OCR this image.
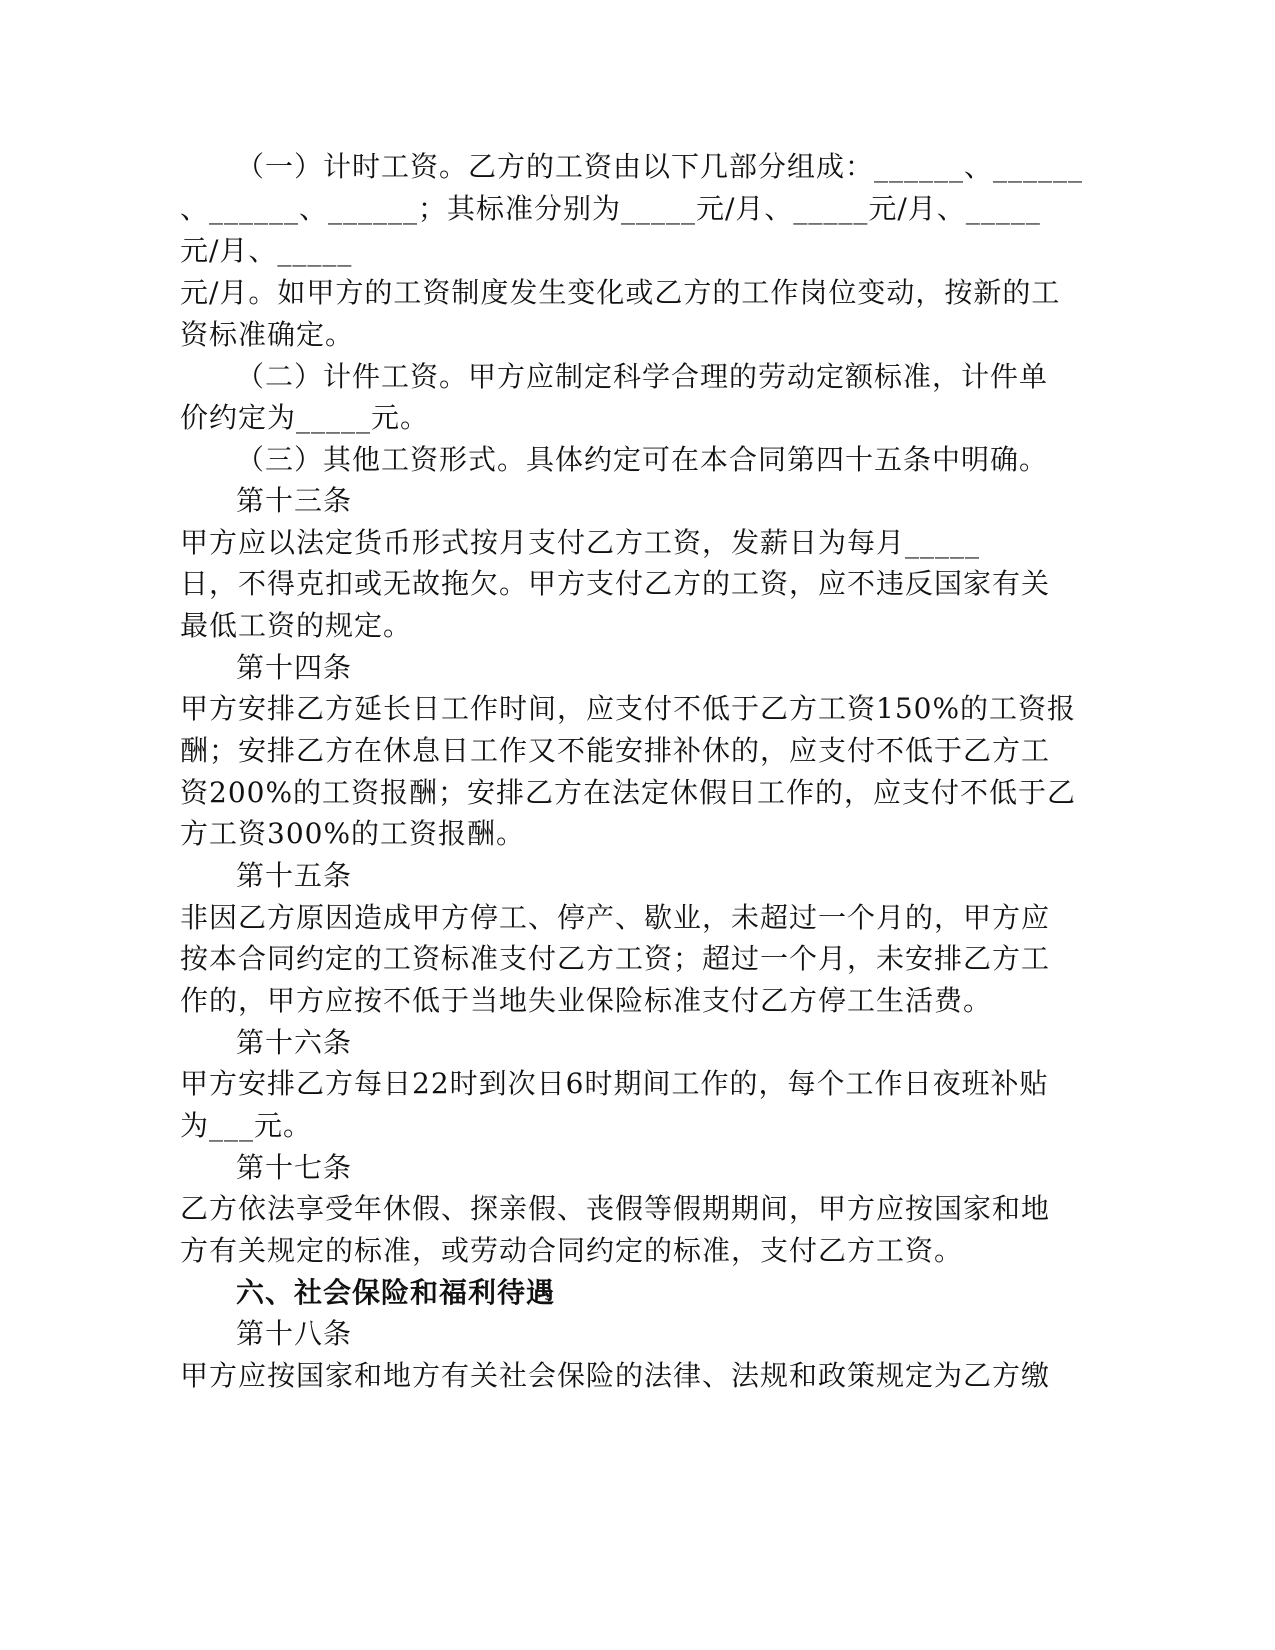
（一）计时工资。乙方的工资由以下几部分组成：______、______
、______、______；其标准分别为_____元/月、_____元/月、_____
元/月、_____
元/月。如甲方的工资制度发生变化或乙方的工作岗位变动，按新的工
资标准确定。
（二）计件工资。甲方应制定科学合理的劳动定额标准，计件单
价约定为_____元。
（三）其他工资形式。具体约定可在本合同第四十五条中明确。
第十三条
甲方应以法定货币形式按月支付乙方工资，发薪日为每月_____
日，不得克扣或无故拖欠。甲方支付乙方的工资，应不违反国家有关
最低工资的规定。
第十四条
甲方安排乙方延长日工作时间，应支付不低于乙方工资150%的工资报
酬；安排乙方在休息日工作又不能安排补休的，应支付不低于乙方工
资200%的工资报酬；安排乙方在法定休假日工作的，应支付不低于乙
方工资300%的工资报酬。
第十五条
非因乙方原因造成甲方停工、停产、歇业，未超过一个月的，甲方应
按本合同约定的工资标准支付乙方工资；超过一个月，未安排乙方工
作的，甲方应按不低于当地失业保险标准支付乙方停工生活费。
第十六条
甲方安排乙方每日22时到次日6时期间工作的，每个工作日夜班补贴
为___元。
第十七条
乙方依法享受年休假、探亲假、丧假等假期期间，甲方应按国家和地
方有关规定的标准，或劳动合同约定的标准，支付乙方工资。
六、社会保险和福利待遇
第十八条
甲方应按国家和地方有关社会保险的法律、法规和政策规定为乙方缴
